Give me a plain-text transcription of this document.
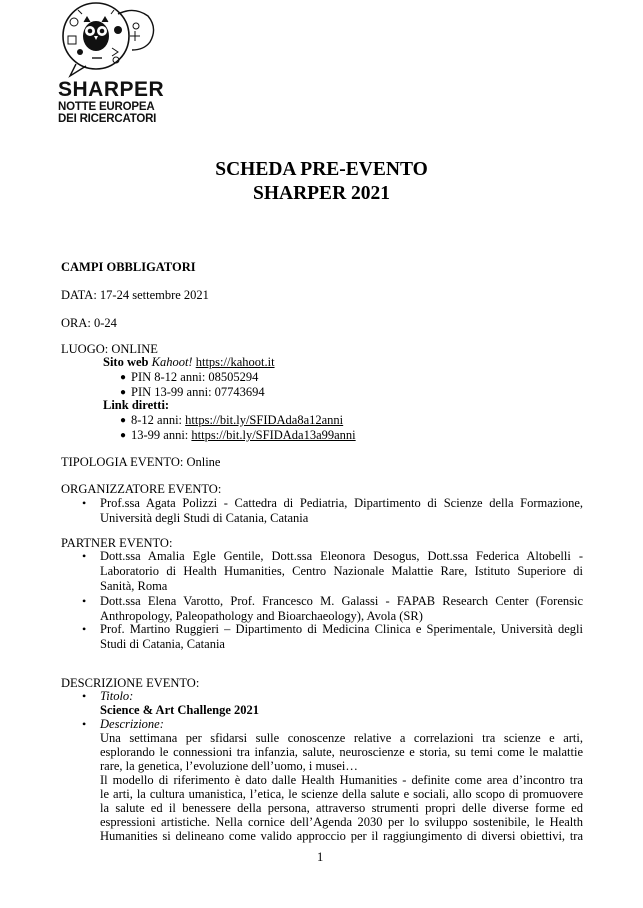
SHARPER
NOTTE EUROPEA
DEI RICERCATORI
SCHEDA PRE-EVENTO
SHARPER 2021
CAMPI OBBLIGATORI
DATA: 17-24 settembre 2021
ORA: 0-24
LUOGO: ONLINE
Sito web Kahoot! https://kahoot.it
● PIN 8-12 anni: 08505294
● PIN 13-99 anni: 07743694
Link diretti:
● 8-12 anni: https://bit.ly/SFIDAda8a12anni
● 13-99 anni: https://bit.ly/SFIDAda13a99anni
TIPOLOGIA EVENTO: Online
ORGANIZZATORE EVENTO:
• Prof.ssa Agata Polizzi - Cattedra di Pediatria, Dipartimento di Scienze della Formazione,
Università degli Studi di Catania, Catania
PARTNER EVENTO:
• Dott.ssa Amalia Egle Gentile, Dott.ssa Eleonora Desogus, Dott.ssa Federica Altobelli -
Laboratorio di Health Humanities, Centro Nazionale Malattie Rare, Istituto Superiore di
Sanità, Roma
• Dott.ssa Elena Varotto, Prof. Francesco M. Galassi - FAPAB Research Center (Forensic
Anthropology, Paleopathology and Bioarchaeology), Avola (SR)
• Prof. Martino Ruggieri – Dipartimento di Medicina Clinica e Sperimentale, Università degli
Studi di Catania, Catania
DESCRIZIONE EVENTO:
• Titolo:
Science & Art Challenge 2021
• Descrizione:
Una settimana per sfidarsi sulle conoscenze relative a correlazioni tra scienze e arti,
esplorando le connessioni tra infanzia, salute, neuroscienze e storia, su temi come le malattie
rare, la genetica, l’evoluzione dell’uomo, i musei…
Il modello di riferimento è dato dalle Health Humanities - definite come area d’incontro tra
le arti, la cultura umanistica, l’etica, le scienze della salute e sociali, allo scopo di promuovere
la salute ed il benessere della persona, attraverso strumenti propri delle diverse forme ed
espressioni artistiche. Nella cornice dell’Agenda 2030 per lo sviluppo sostenibile, le Health
Humanities si delineano come valido approccio per il raggiungimento di diversi obiettivi, tra
1
